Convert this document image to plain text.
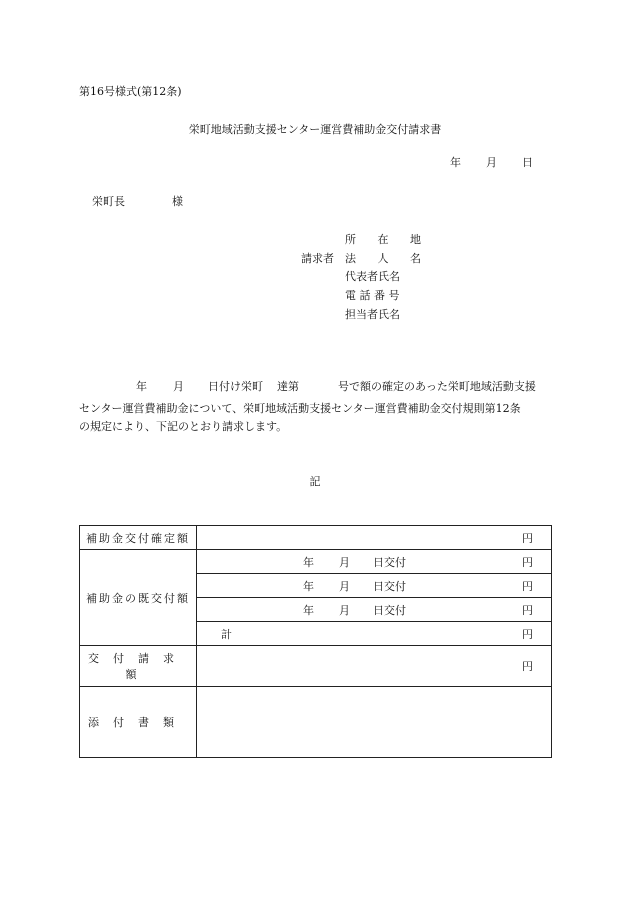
第16号様式(第12条)
栄町地域活動支援センター運営費補助金交付請求書
年 月 日
栄町長	様
請求者
所 在 地
法 人 名
代表者氏名
電 話 番 号
担当者氏名
年 月 日付け栄町 達第	号で額の確定のあった栄町地域活動支援
センター運営費補助金について、栄町地域活動支援センター運営費補助金交付規則第12条
の規定により、下記のとおり請求します。
記
補助金交付確定額	円

補助金の既交付額	年 月 日交付 円

	年 月 日交付 円

	年 月 日交付 円

	計 円

交付請求額	円

添付書類	
